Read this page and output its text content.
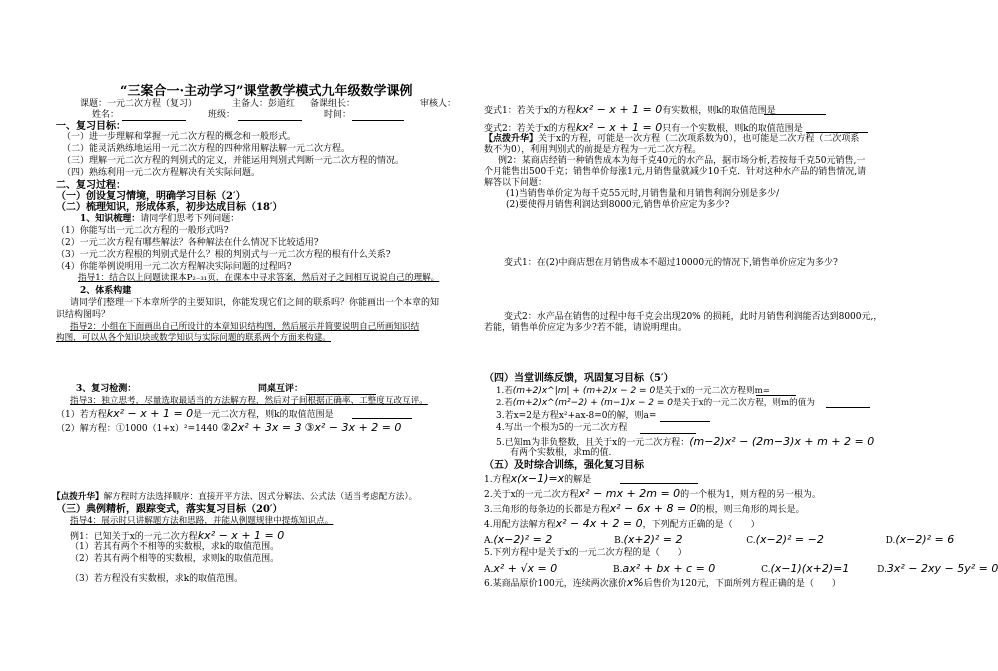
“三案合一·主动学习”课堂教学模式九年级数学课例
课题：一元二次方程（复习）	主备人：彭道红 备课组长：	审核人：
姓名：	班级：	时间：
一、复习目标：
（一）进一步理解和掌握一元二次方程的概念和一般形式。
（二）能灵活熟练地运用一元二次方程的四种常用解法解一元二次方程。
（三）理解一元二次方程的判别式的定义，并能运用判别式判断一元二次方程的情况。
（四）熟练利用一元二次方程解决有关实际问题。
二、复习过程：
（一）创设复习情境，明确学习目标（2′）
（二）梳理知识，形成体系，初步达成目标（18′）
1、知识梳理：请同学们思考下列问题：
（1）你能写出一元二次方程的一般形式吗?
（2）一元二次方程有哪些解法？各种解法在什么情况下比较适用?
（3）一元二次方程根的判别式是什么？根的判别式与一元二次方程的根有什么关系?
（4）你能举例说明用一元二次方程解决实际问题的过程吗?
指导1：结合以上问题读课本P₂₋₃₁页，在课本中寻求答案，然后对子之间相互说说自己的理解。
2、体系构建
请同学们整理一下本章所学的主要知识，你能发现它们之间的联系吗？你能画出一个本章的知
识结构图吗？
指导2：小组在下面画出自己所设计的本章知识结构图，然后展示并简要说明自己所画知识结
构图，可以从各个知识块或数学知识与实际问题的联系两个方面来构建。
3、复习检测：	同桌互评：
指导3：独立思考，尽量选取最适当的方法解方程，然后对子间根据正确率、工整度互改互评。
（1）若方程kx² − x + 1 = 0是一元二次方程，则k的取值范围是
（2）解方程：①1000（1+x）²=1440 ②2x² + 3x = 3 ③x² − 3x + 2 = 0
【点拨升华】解方程时方法选择顺序：直接开平方法、因式分解法、公式法（适当考虑配方法）。
（三）典例精析，跟踪变式，落实复习目标（20′）
指导4：展示时只讲解题方法和思路，并能从例题规律中提炼知识点。
例1：已知关于x的一元二次方程kx² − x + 1 = 0
（1）若其有两个不相等的实数根，求k的取值范围。
（2）若其有两个相等的实数根，求则k的取值范围。
（3）若方程没有实数根，求k的取值范围。
变式1：若关于x的方程kx² − x + 1 = 0有实数根，则k的取值范围是
变式2：若关于x的方程kx² − x + 1 = 0只有一个实数根，则k的取值范围是
【点拨升华】关于x的方程，可能是一次方程（二次项系数为0），也可能是二次方程（二次项系
数不为0），利用判别式的前提是方程为一元二次方程。
例2：某商店经销一种销售成本为每千克40元的水产品，据市场分析,若按每千克50元销售,一
个月能售出500千克；销售单价每涨1元,月销售量就减少10千克．针对这种水产品的销售情况,请
解答以下问题：
(1)当销售单价定为每千克55元时,月销售量和月销售利润分别是多少/
(2)要使得月销售利润达到8000元,销售单价应定为多少?
变式1：在(2)中商店想在月销售成本不超过10000元的情况下,销售单价应定为多少?
变式2：水产品在销售的过程中每千克会出现20% 的损耗，此时月销售利润能否达到8000元,，
若能，销售单价应定为多少?若不能，请说明理由。
（四）当堂训练反馈，巩固复习目标（5′）
1.若(m+2)x^|m| + (m+2)x − 2 = 0是关于x的一元二次方程则m=
2.若(m+2)x^(m²−2) + (m−1)x − 2 = 0是关于x的一元二次方程，则m的值为
3.若x=2是方程x²+ax-8=0的解，则a=
4.写出一个根为5的一元二次方程
5.已知m为非负整数，且关于x的一元二次方程：(m−2)x² − (2m−3)x + m + 2 = 0
有两个实数根，求m的值.
（五）及时综合训练，强化复习目标
1.方程x(x−1)=x的解是
2.关于x的一元二次方程x² − mx + 2m = 0的一个根为1，则方程的另一根为。
3.三角形的每条边的长都是方程x² − 6x + 8 = 0的根，则三角形的周长是。
4.用配方法解方程x² − 4x + 2 = 0，下列配方正确的是（　　）
A.(x−2)² = 2	B.(x+2)² = 2	C.(x−2)² = −2	D.(x−2)² = 6
5.下列方程中是关于x的一元二次方程的是（　　）
A.x² + √x = 0	B.ax² + bx + c = 0	C.(x−1)(x+2)=1	D.3x² − 2xy − 5y² = 0
6.某商品原价100元，连续两次涨价x%后售价为120元，下面所列方程正确的是（　　）
